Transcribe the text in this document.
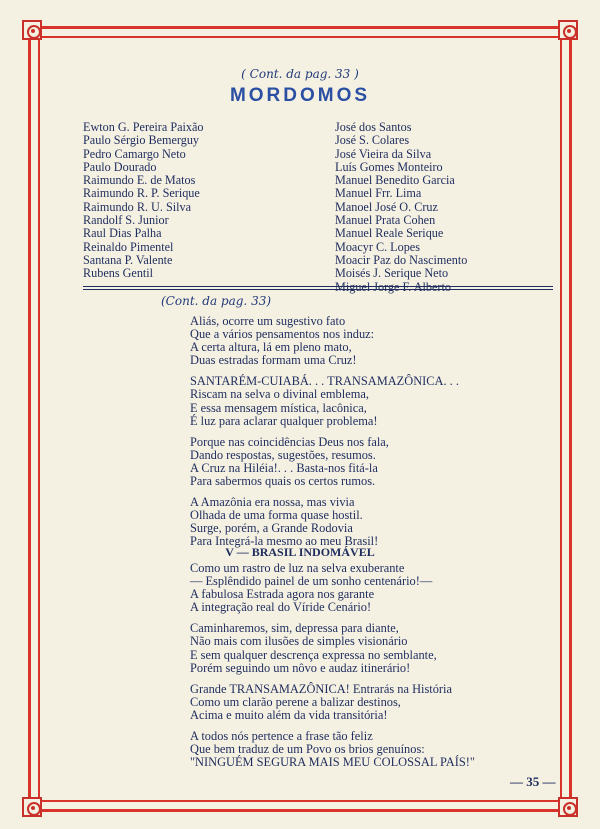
( Cont. da pag. 33 )
MORDOMOS
Ewton G. Pereira Paixão
Paulo Sérgio Bemerguy
Pedro Camargo Neto
Paulo Dourado
Raimundo E. de Matos
Raimundo R. P. Serique
Raimundo R. U. Silva
Randolf S. Junior
Raul Dias Palha
Reinaldo Pimentel
Santana P. Valente
Rubens Gentil
José dos Santos
José S. Colares
José Vieira da Silva
Luís Gomes Monteiro
Manuel Benedito Garcia
Manuel Frr. Lima
Manoel José O. Cruz
Manuel Prata Cohen
Manuel Reale Serique
Moacyr C. Lopes
Moacir Paz do Nascimento
Moisés J. Serique Neto
Miguel Jorge F. Alberto
(Cont. da pag. 33)
Aliás, ocorre um sugestivo fato
Que a vários pensamentos nos induz:
A certa altura, lá em pleno mato,
Duas estradas formam uma Cruz!
SANTARÉM-CUIABÁ. . . TRANSAMAZÔNICA. . .
Riscam na selva o divinal emblema,
E essa mensagem mística, lacônica,
É luz para aclarar qualquer problema!
Porque nas coincidências Deus nos fala,
Dando respostas, sugestões, resumos.
A Cruz na Hiléia!. . . Basta-nos fitá-la
Para sabermos quais os certos rumos.
A Amazônia era nossa, mas vivia
Olhada de uma forma quase hostil.
Surge, porém, a Grande Rodovia
Para Integrá-la mesmo ao meu Brasil!
V — BRASIL INDOMÁVEL
Como um rastro de luz na selva exuberante
— Esplêndido painel de um sonho centenário!—
A fabulosa Estrada agora nos garante
A integração real do Víride Cenário!
Caminharemos, sim, depressa para diante,
Não mais com ilusões de simples visionário
E sem qualquer descrença expressa no semblante,
Porém seguindo um nôvo e audaz itinerário!
Grande TRANSAMAZÔNICA! Entrarás na História
Como um clarão perene a balizar destinos,
Acima e muito além da vida transitória!
A todos nós pertence a frase tão feliz
Que bem traduz de um Povo os brios genuínos:
"NINGUÉM SEGURA MAIS MEU COLOSSAL PAÍS!"
— 35 —
